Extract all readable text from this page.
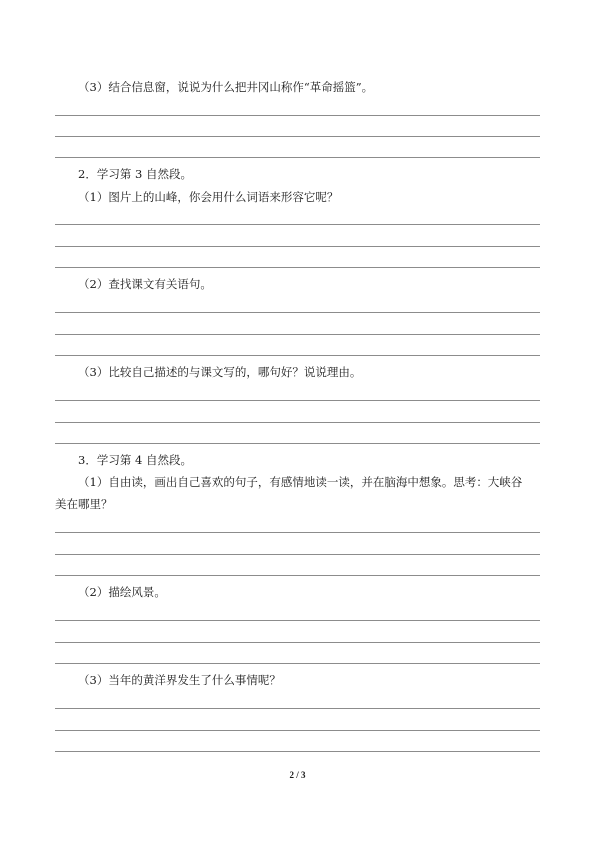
（3）结合信息窗，说说为什么把井冈山称作“革命摇篮”。
2．学习第 3 自然段。
（1）图片上的山峰，你会用什么词语来形容它呢？
（2）查找课文有关语句。
（3）比较自己描述的与课文写的，哪句好？说说理由。
3．学习第 4 自然段。
（1）自由读，画出自己喜欢的句子，有感情地读一读，并在脑海中想象。思考：大峡谷
美在哪里？
（2）描绘风景。
（3）当年的黄洋界发生了什么事情呢？
2 / 3
